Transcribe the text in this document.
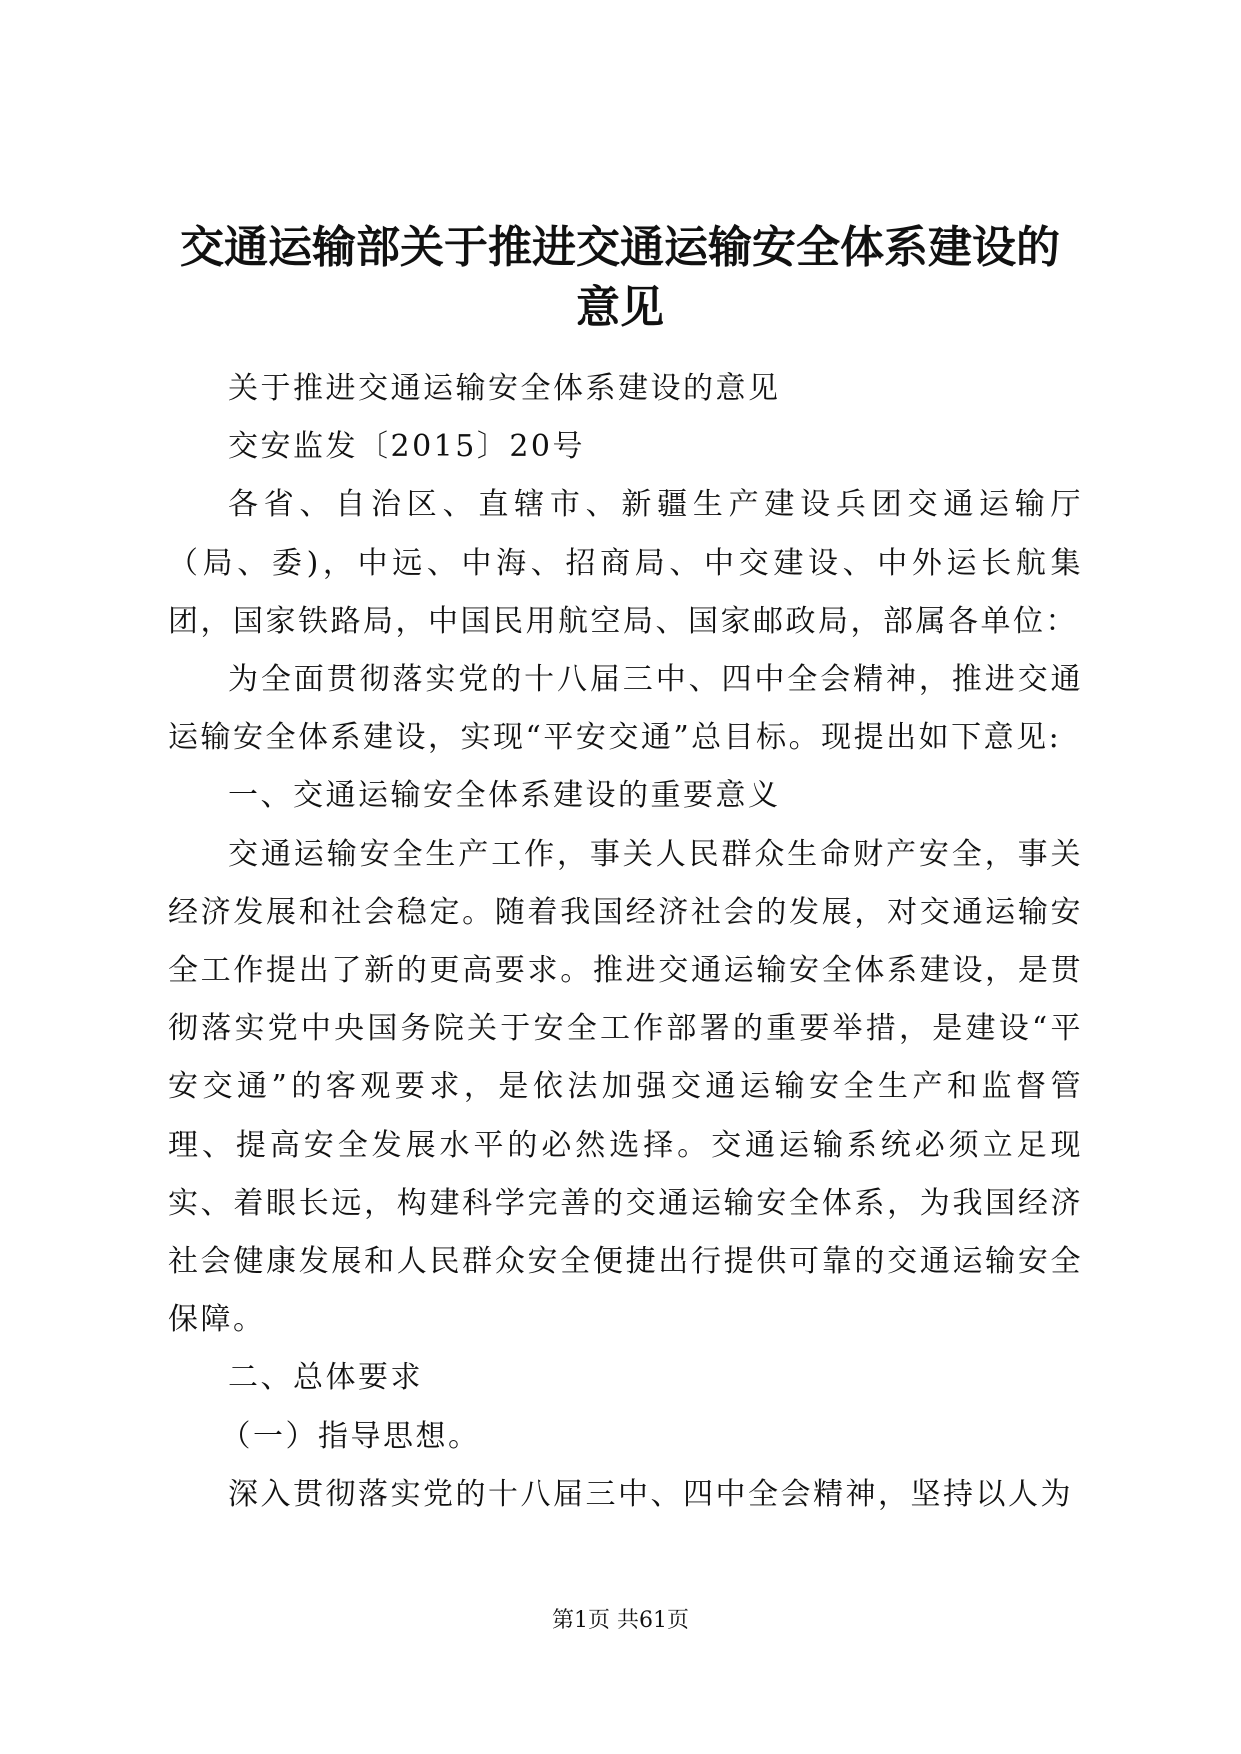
交通运输部关于推进交通运输安全体系建设的
意见

关于推进交通运输安全体系建设的意见

交安监发〔2015〕20号

各省、自治区、直辖市、新疆生产建设兵团交通运输厅（局、委)，中远、中海、招商局、中交建设、中外运长航集团，国家铁路局，中国民用航空局、国家邮政局，部属各单位：

为全面贯彻落实党的十八届三中、四中全会精神，推进交通运输安全体系建设，实现“平安交通”总目标。现提出如下意见:

一、交通运输安全体系建设的重要意义

交通运输安全生产工作，事关人民群众生命财产安全，事关经济发展和社会稳定。随着我国经济社会的发展，对交通运输安全工作提出了新的更高要求。推进交通运输安全体系建设，是贯彻落实党中央国务院关于安全工作部署的重要举措，是建设“平安交通”的客观要求，是依法加强交通运输安全生产和监督管理、提高安全发展水平的必然选择。交通运输系统必须立足现实、着眼长远，构建科学完善的交通运输安全体系，为我国经济社会健康发展和人民群众安全便捷出行提供可靠的交通运输安全保障。

二、总体要求

（一）指导思想。

深入贯彻落实党的十八届三中、四中全会精神，坚持以人为

第1页 共61页
